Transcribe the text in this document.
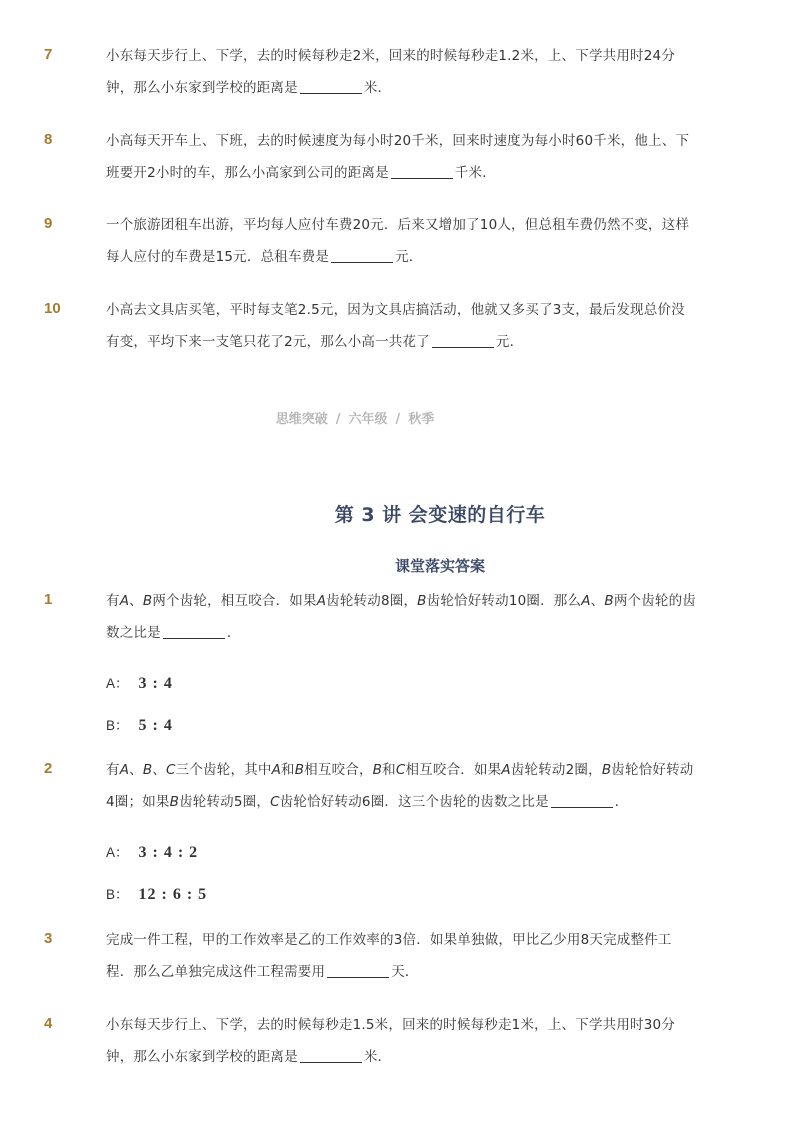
7	小东每天步行上、下学，去的时候每秒走2米，回来的时候每秒走1.2米，上、下学共用时24分
钟，那么小东家到学校的距离是	米．
8	小高每天开车上、下班，去的时候速度为每小时20千米，回来时速度为每小时60千米，他上、下
班要开2小时的车，那么小高家到公司的距离是	千米．
9	一个旅游团租车出游，平均每人应付车费20元．后来又增加了10人，但总租车费仍然不变，这样
每人应付的车费是15元．总租车费是	元．
10	小高去文具店买笔，平时每支笔2.5元，因为文具店搞活动，他就又多买了3支，最后发现总价没
有变，平均下来一支笔只花了2元，那么小高一共花了	元．
思维突破 / 六年级 / 秋季
第 3 讲 会变速的自行车
课堂落实答案
1	有A、B两个齿轮，相互咬合．如果A齿轮转动8圈，B齿轮恰好转动10圈．那么A、B两个齿轮的齿
数之比是	．
A： 3 : 4
B： 5 : 4
2	有A、B、C三个齿轮，其中A和B相互咬合，B和C相互咬合．如果A齿轮转动2圈，B齿轮恰好转动
4圈；如果B齿轮转动5圈，C齿轮恰好转动6圈．这三个齿轮的齿数之比是	．
A： 3 : 4 : 2
B： 12 : 6 : 5
3	完成一件工程，甲的工作效率是乙的工作效率的3倍．如果单独做，甲比乙少用8天完成整件工
程．那么乙单独完成这件工程需要用	天．
4	小东每天步行上、下学，去的时候每秒走1.5米，回来的时候每秒走1米，上、下学共用时30分
钟，那么小东家到学校的距离是	米．
